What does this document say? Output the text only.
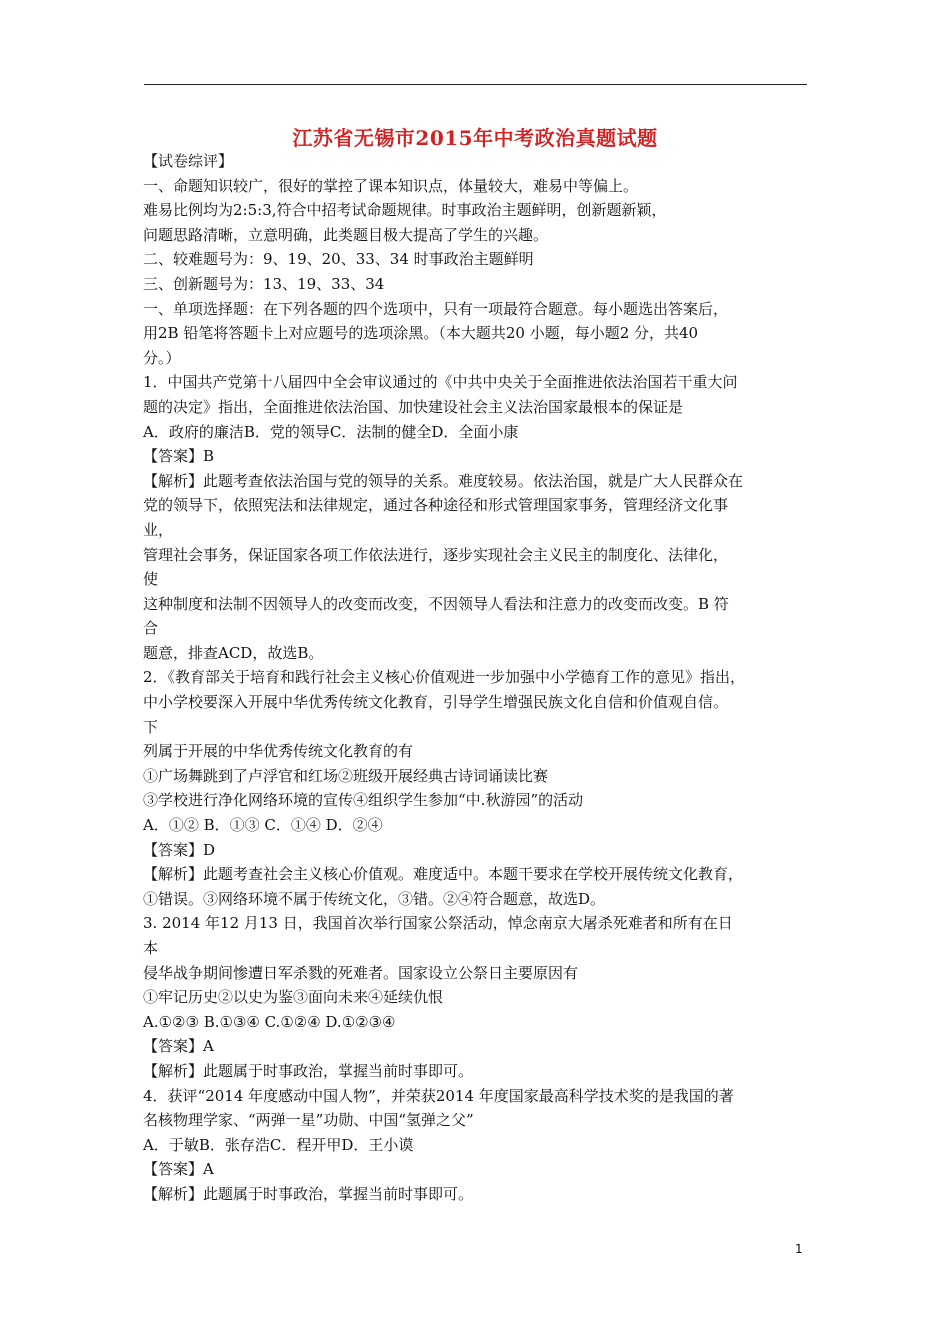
江苏省无锡市2015年中考政治真题试题
【试卷综评】
一、命题知识较广，很好的掌控了课本知识点，体量较大，难易中等偏上。
难易比例均为2:5:3,符合中招考试命题规律。时事政治主题鲜明，创新题新颖，
问题思路清晰，立意明确，此类题目极大提高了学生的兴趣。
二、较难题号为：9、19、20、33、34 时事政治主题鲜明
三、创新题号为：13、19、33、34
一、单项选择题：在下列各题的四个选项中，只有一项最符合题意。每小题选出答案后，
用2B 铅笔将答题卡上对应题号的选项涂黑。（本大题共20 小题，每小题2 分，共40
分。）
1．中国共产党第十八届四中全会审议通过的《中共中央关于全面推进依法治国若干重大问
题的决定》指出，全面推进依法治国、加快建设社会主义法治国家最根本的保证是
A．政府的廉洁B．党的领导C．法制的健全D．全面小康
【答案】B
【解析】此题考查依法治国与党的领导的关系。难度较易。依法治国，就是广大人民群众在
党的领导下，依照宪法和法律规定，通过各种途径和形式管理国家事务，管理经济文化事
业，
管理社会事务，保证国家各项工作依法进行，逐步实现社会主义民主的制度化、法律化，
使
这种制度和法制不因领导人的改变而改变，不因领导人看法和注意力的改变而改变。B 符
合
题意，排查ACD，故选B。
2．《教育部关于培育和践行社会主义核心价值观进一步加强中小学德育工作的意见》指出，
中小学校要深入开展中华优秀传统文化教育，引导学生增强民族文化自信和价值观自信。
下
列属于开展的中华优秀传统文化教育的有
①广场舞跳到了卢浮官和红场②班级开展经典古诗词诵读比赛
③学校进行净化网络环境的宣传④组织学生参加“中.秋游园”的活动
A．①② B．①③ C．①④ D．②④
【答案】D
【解析】此题考查社会主义核心价值观。难度适中。本题干要求在学校开展传统文化教育，
①错误。③网络环境不属于传统文化，③错。②④符合题意，故选D。
3. 2014 年12 月13 日，我国首次举行国家公祭活动，悼念南京大屠杀死难者和所有在日
本
侵华战争期间惨遭日军杀戮的死难者。国家设立公祭日主要原因有
①牢记历史②以史为鉴③面向未来④延续仇恨
A.①②③ B.①③④ C.①②④ D.①②③④
【答案】A
【解析】此题属于时事政治，掌握当前时事即可。
4．获评“2014 年度感动中国人物”，并荣获2014 年度国家最高科学技术奖的是我国的著
名核物理学家、“两弹一星”功勋、中国“氢弹之父”
A．于敏B．张存浩C．程开甲D．王小谟
【答案】A
【解析】此题属于时事政治，掌握当前时事即可。
1
